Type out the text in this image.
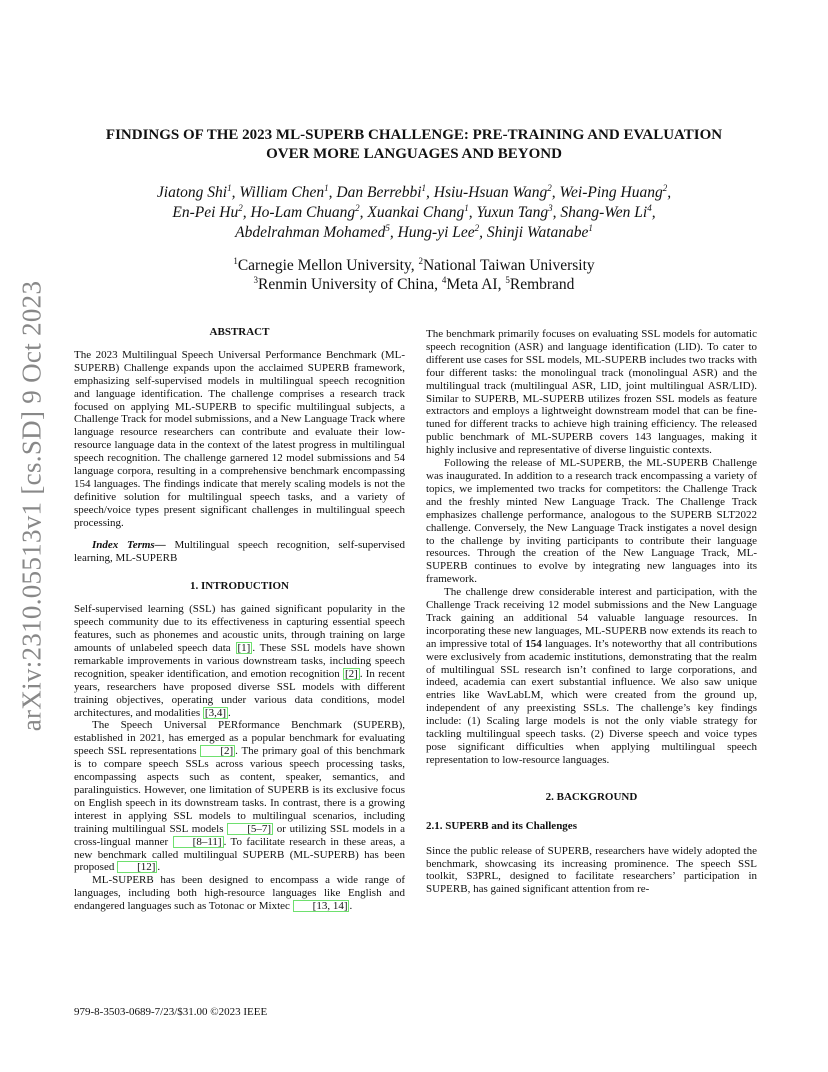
arXiv:2310.05513v1 [cs.SD] 9 Oct 2023
FINDINGS OF THE 2023 ML-SUPERB CHALLENGE: PRE-TRAINING AND EVALUATION
OVER MORE LANGUAGES AND BEYOND
Jiatong Shi$^1$, William Chen$^1$, Dan Berrebbi$^1$, Hsiu-Hsuan Wang$^2$, Wei-Ping Huang$^2$,
En-Pei Hu$^2$, Ho-Lam Chuang$^2$, Xuankai Chang$^1$, Yuxun Tang$^3$, Shang-Wen Li$^4$,
Abdelrahman Mohamed$^5$, Hung-yi Lee$^2$, Shinji Watanabe$^1$
$^1$Carnegie Mellon University, $^2$National Taiwan University
$^3$Renmin University of China, $^4$Meta AI, $^5$Rembrand

ABSTRACT

The 2023 Multilingual Speech Universal Performance Benchmark (ML-SUPERB) Challenge expands upon the acclaimed SUPERB framework, emphasizing self-supervised models in multilingual speech recognition and language identification. The challenge comprises a research track focused on applying ML-SUPERB to specific multilingual subjects, a Challenge Track for model submissions, and a New Language Track where language resource researchers can contribute and evaluate their low-resource language data in the context of the latest progress in multilingual speech recognition. The challenge garnered 12 model submissions and 54 language corpora, resulting in a comprehensive benchmark encompassing 154 languages. The findings indicate that merely scaling models is not the definitive solution for multilingual speech tasks, and a variety of speech/voice types present significant challenges in multilingual speech processing.

Index Terms— Multilingual speech recognition, self-supervised learning, ML-SUPERB

1. INTRODUCTION

Self-supervised learning (SSL) has gained significant popularity in the speech community due to its effectiveness in capturing essential speech features, such as phonemes and acoustic units, through training on large amounts of unlabeled speech data [1] . These SSL models have shown remarkable improvements in various downstream tasks, including speech recognition, speaker identification, and emotion recognition [2] . In recent years, researchers have proposed diverse SSL models with different training objectives, operating under various data conditions, model architectures, and modalities [3,4] .

The Speech Universal PERformance Benchmark (SUPERB), established in 2021, has emerged as a popular benchmark for evaluating speech SSL representations [2] . The primary goal of this benchmark is to compare speech SSLs across various speech processing tasks, encompassing aspects such as content, speaker, semantics, and paralinguistics. However, one limitation of SUPERB is its exclusive focus on English speech in its downstream tasks. In contrast, there is a growing interest in applying SSL models to multilingual scenarios, including training multilingual SSL models [5–7] or utilizing SSL models in a cross-lingual manner [8–11] . To facilitate research in these areas, a new benchmark called multilingual SUPERB (ML-SUPERB) has been proposed [12] .

ML-SUPERB has been designed to encompass a wide range of languages, including both high-resource languages like English and endangered languages such as Totonac or Mixtec [13, 14] .

The benchmark primarily focuses on evaluating SSL models for automatic speech recognition (ASR) and language identification (LID). To cater to different use cases for SSL models, ML-SUPERB includes two tracks with four different tasks: the monolingual track (monolingual ASR) and the multilingual track (multilingual ASR, LID, joint multilingual ASR/LID). Similar to SUPERB, ML-SUPERB utilizes frozen SSL models as feature extractors and employs a lightweight downstream model that can be fine-tuned for different tracks to achieve high training efficiency. The released public benchmark of ML-SUPERB covers 143 languages, making it highly inclusive and representative of diverse linguistic contexts.

Following the release of ML-SUPERB, the ML-SUPERB Challenge was inaugurated. In addition to a research track encompassing a variety of topics, we implemented two tracks for competitors: the Challenge Track and the freshly minted New Language Track. The Challenge Track emphasizes challenge performance, analogous to the SUPERB SLT2022 challenge. Conversely, the New Language Track instigates a novel design to the challenge by inviting participants to contribute their language resources. Through the creation of the New Language Track, ML-SUPERB continues to evolve by integrating new languages into its framework.

The challenge drew considerable interest and participation, with the Challenge Track receiving 12 model submissions and the New Language Track gaining an additional 54 valuable language resources. In incorporating these new languages, ML-SUPERB now extends its reach to an impressive total of 154 languages. It’s noteworthy that all contributions were exclusively from academic institutions, demonstrating that the realm of multilingual SSL research isn’t confined to large corporations, and indeed, academia can exert substantial influence. We also saw unique entries like WavLabLM, which were created from the ground up, independent of any preexisting SSLs. The challenge’s key findings include: (1) Scaling large models is not the only viable strategy for tackling multilingual speech tasks. (2) Diverse speech and voice types pose significant difficulties when applying multilingual speech representation to low-resource languages.

2. BACKGROUND

2.1. SUPERB and its Challenges

Since the public release of SUPERB, researchers have widely adopted the benchmark, showcasing its increasing prominence. The speech SSL toolkit, S3PRL, designed to facilitate researchers’ participation in SUPERB, has gained significant attention from re-

979-8-3503-0689-7/23/$31.00 ©2023 IEEE
